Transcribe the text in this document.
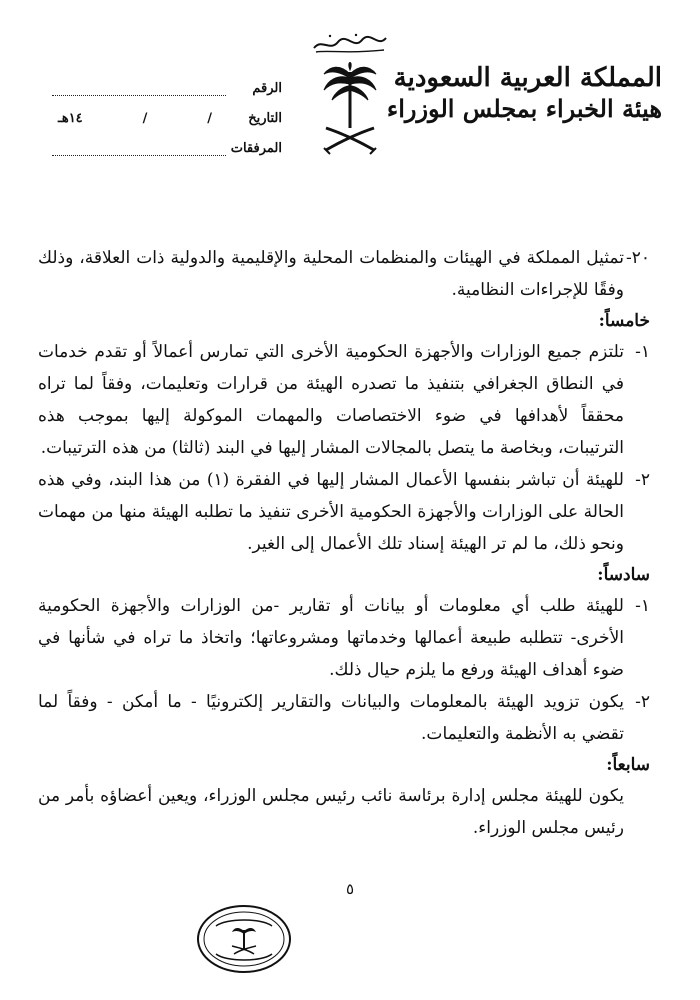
المملكة العربية السعودية
هيئة الخبراء بمجلس الوزراء
الرقم
التاريخ
/
/
١٤هـ
المرفقات

٢٠-
تمثيل المملكة في الهيئات والمنظمات المحلية والإقليمية والدولية ذات العلاقة، وذلك وفقًا للإجراءات النظامية.

خامساً:

١-
تلتزم جميع الوزارات والأجهزة الحكومية الأخرى التي تمارس أعمالاً أو تقدم خدمات في النطاق الجغرافي بتنفيذ ما تصدره الهيئة من قرارات وتعليمات، وفقاً لما تراه محققاً لأهدافها في ضوء الاختصاصات والمهمات الموكولة إليها بموجب هذه الترتيبات، وبخاصة ما يتصل بالمجالات المشار إليها في البند (ثالثا) من هذه الترتيبات.

٢-
للهيئة أن تباشر بنفسها الأعمال المشار إليها في الفقرة (١) من هذا البند، وفي هذه الحالة على الوزارات والأجهزة الحكومية الأخرى تنفيذ ما تطلبه الهيئة منها من مهمات ونحو ذلك، ما لم تر الهيئة إسناد تلك الأعمال إلى الغير.

سادساً:

١-
للهيئة طلب أي معلومات أو بيانات أو تقارير -من الوزارات والأجهزة الحكومية الأخرى- تتطلبه طبيعة أعمالها وخدماتها ومشروعاتها؛ واتخاذ ما تراه في شأنها في ضوء أهداف الهيئة ورفع ما يلزم حيال ذلك.

٢-
يكون تزويد الهيئة بالمعلومات والبيانات والتقارير إلكترونيًا - ما أمكن - وفقاً لما تقضي به الأنظمة والتعليمات.

سابعاً:

يكون للهيئة مجلس إدارة برئاسة نائب رئيس مجلس الوزراء، ويعين أعضاؤه بأمر من رئيس مجلس الوزراء.

٥
